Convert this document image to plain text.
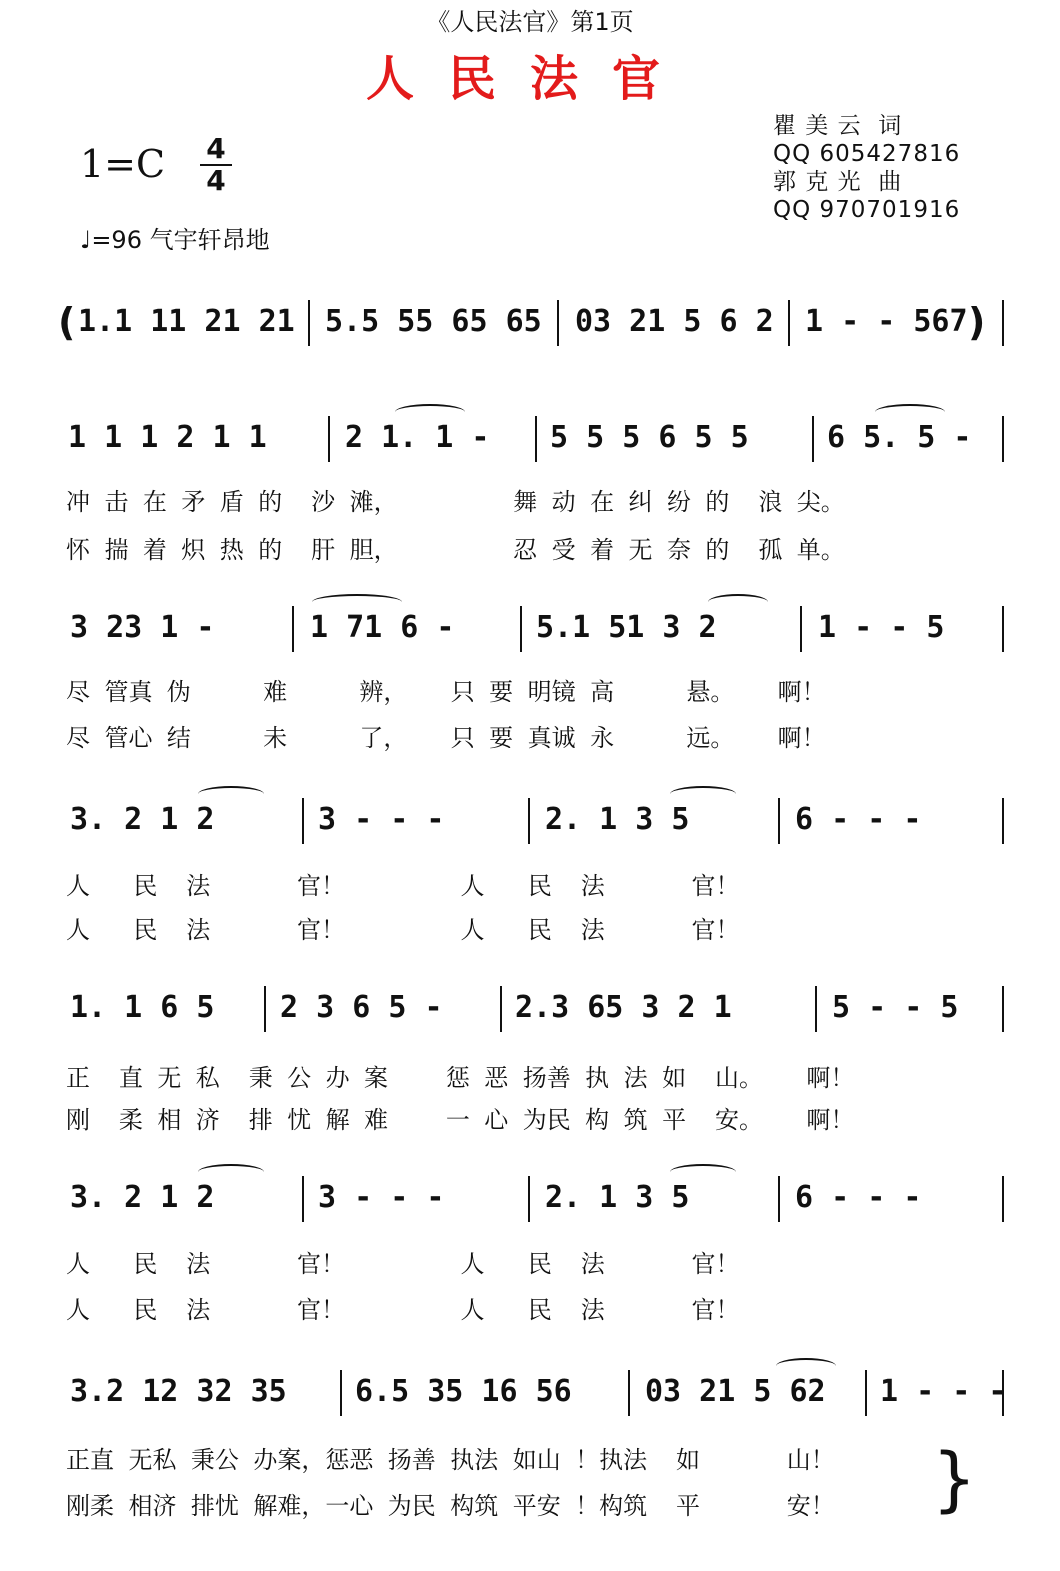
《人民法官》第1页
人民法官
1=C 4
4
♩=96 气宇轩昂地
瞿 美 云  词
QQ 605427816
郭 克 光  曲
QQ 970701916
( 1.1 11 21 21 5.5 55 65 65 03 21 5 6 2 1 - - 567 )
1 1 1 2 1 1	2 1. 1 - 5 5 5 6 5 5	6 5. 5 -
冲 击 在 矛 盾 的  沙 滩，        舞 动 在 纠 纷 的  浪 尖。
怀 揣 着 炽 热 的  肝 胆，        忍 受 着 无 奈 的  孤 单。
3 23 1 -	1 71 6 -	5.1 51 3 2	1 - - 5
尽 管真 伪     难     辨，   只 要 明镜 高     悬。   啊！
尽 管心 结     未     了，   只 要 真诚 永     远。   啊！
3. 2 1 2	3 - - -	2. 1 3 5	6 - - -
人   民  法      官！        人   民  法      官！
人   民  法      官！        人   民  法      官！
1. 1 6 5 2 3 6 5 - 2.3 65 3 2 1	5 - - 5
正  直 无 私  秉 公 办 案    惩 恶 扬善 执 法 如  山。   啊！
刚  柔 相 济  排 忧 解 难    一 心 为民 构 筑 平  安。   啊！
3. 2 1 2	3 - - -	2. 1 3 5	6 - - -
人   民  法      官！        人   民  法      官！
人   民  法      官！        人   民  法      官！
3.2 12 32 35 6.5 35 16 56 03 21 5 62 1 - - -
正直 无私 秉公 办案，惩恶 扬善 执法 如山 ！执法  如      山！
刚柔 相济 排忧 解难，一心 为民 构筑 平安 ！构筑  平      安！ }
